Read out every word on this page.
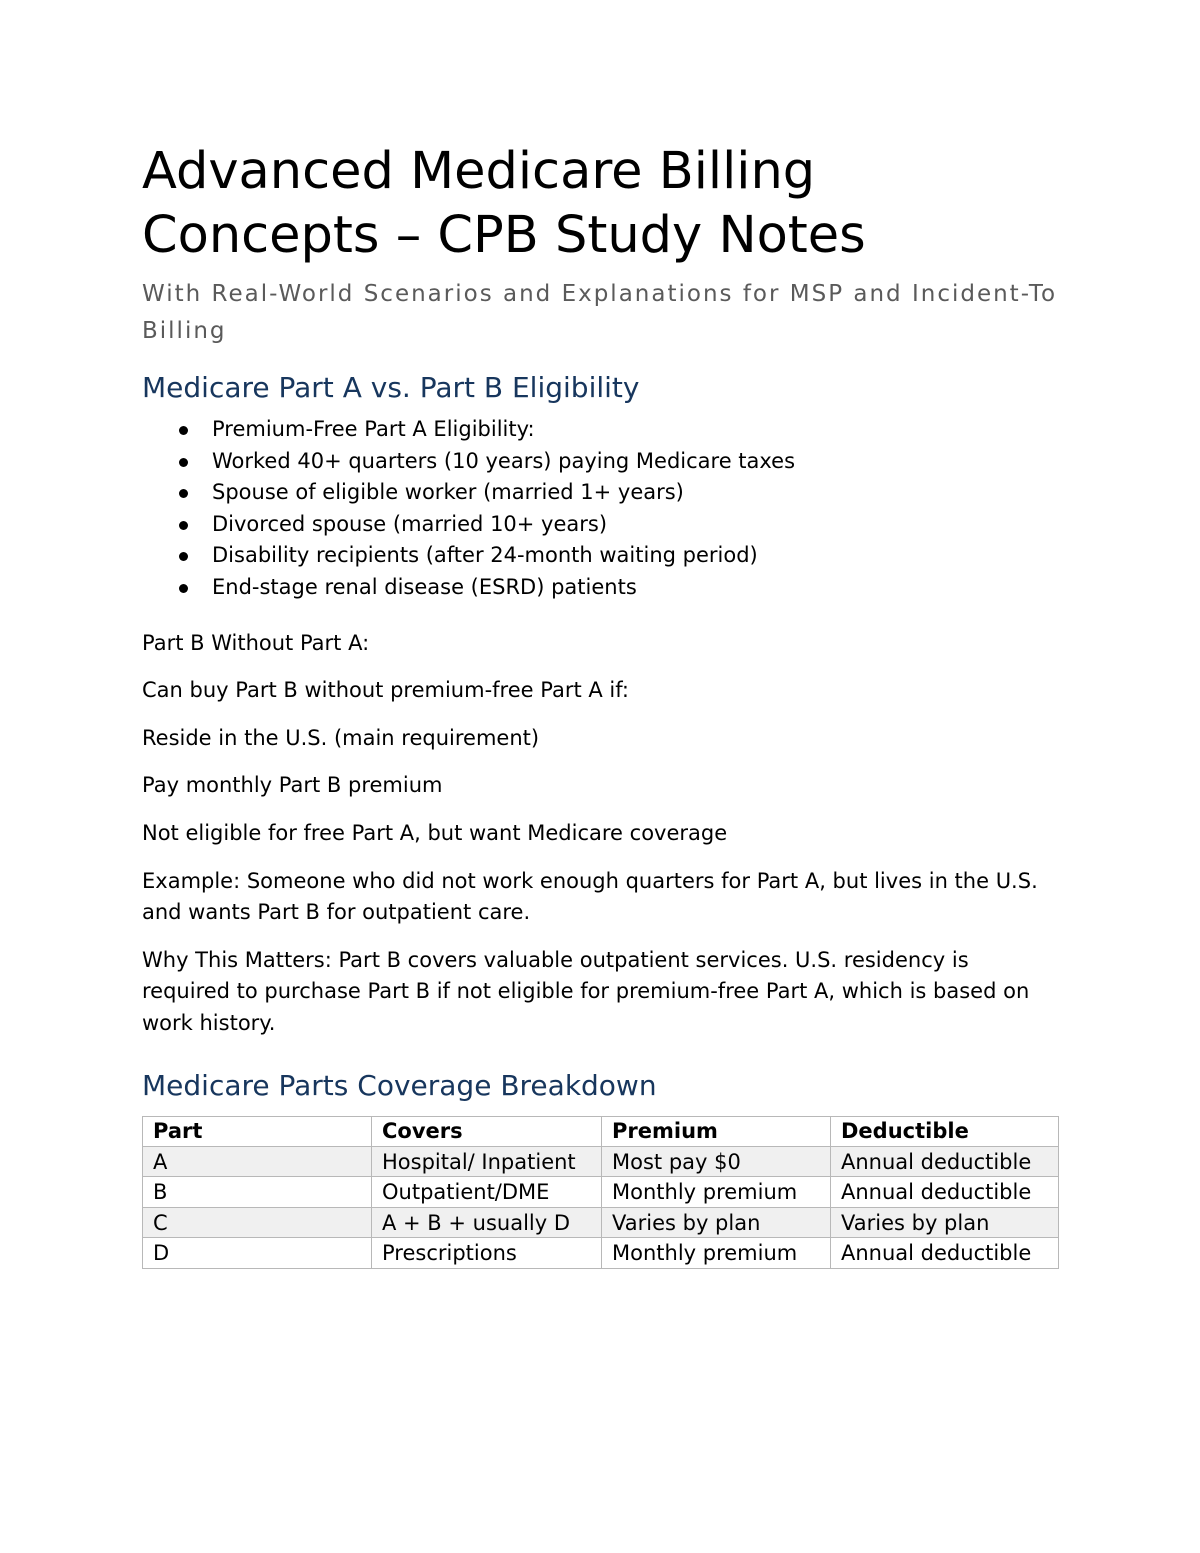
Advanced Medicare Billing Concepts – CPB Study Notes
With Real-World Scenarios and Explanations for MSP and Incident-To Billing
Medicare Part A vs. Part B Eligibility
Premium-Free Part A Eligibility:
Worked 40+ quarters (10 years) paying Medicare taxes
Spouse of eligible worker (married 1+ years)
Divorced spouse (married 10+ years)
Disability recipients (after 24-month waiting period)
End-stage renal disease (ESRD) patients

Part B Without Part A:

Can buy Part B without premium-free Part A if:

Reside in the U.S. (main requirement)

Pay monthly Part B premium

Not eligible for free Part A, but want Medicare coverage

Example: Someone who did not work enough quarters for Part A, but lives in the U.S. and wants Part B for outpatient care.

Why This Matters: Part B covers valuable outpatient services. U.S. residency is required to purchase Part B if not eligible for premium-free Part A, which is based on work history.

Medicare Parts Coverage Breakdown
Part	Covers	Premium	Deductible
A	Hospital/ Inpatient	Most pay $0	Annual deductible
B	Outpatient/DME	Monthly premium	Annual deductible
C	A + B + usually D	Varies by plan	Varies by plan
D	Prescriptions	Monthly premium	Annual deductible
